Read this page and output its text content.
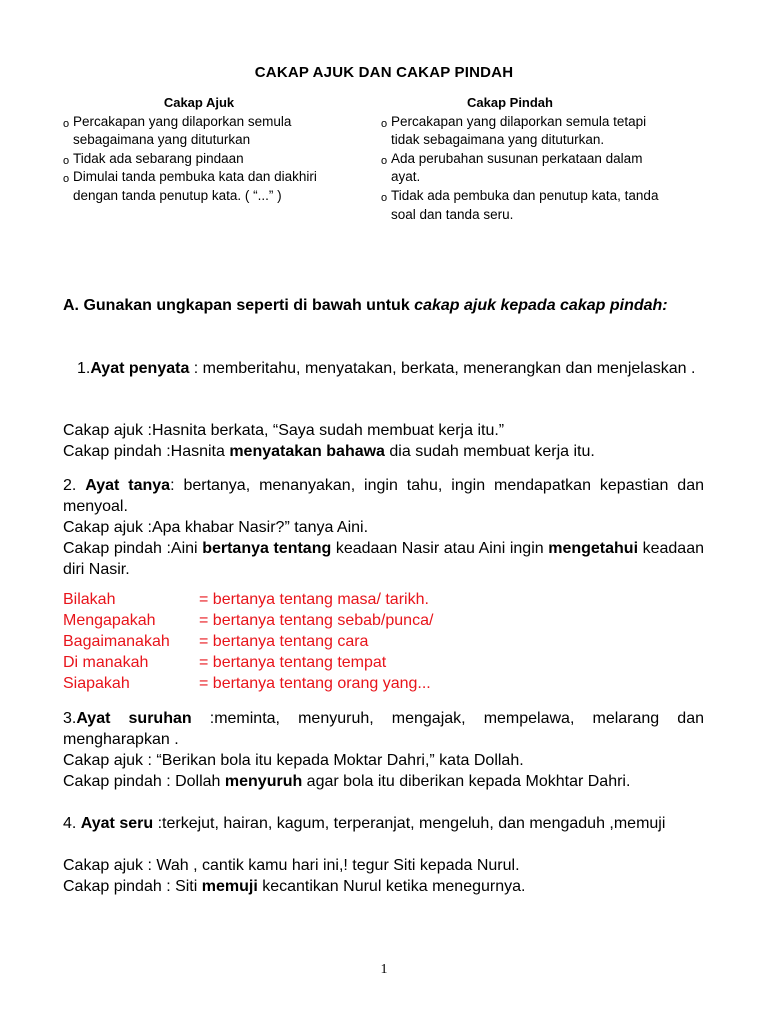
CAKAP AJUK DAN CAKAP PINDAH
Cakap Ajuk
o Percakapan yang dilaporkan semula sebagaimana yang dituturkan
o Tidak ada sebarang pindaan
o Dimulai tanda pembuka kata dan diakhiri dengan tanda penutup kata. ( “...” )
Cakap Pindah
o Percakapan yang dilaporkan semula tetapi tidak sebagaimana yang dituturkan.
o Ada perubahan susunan perkataan dalam ayat.
o Tidak ada pembuka dan penutup kata, tanda soal dan tanda seru.
A. Gunakan ungkapan seperti di bawah untuk cakap ajuk kepada cakap pindah:
1.Ayat penyata : memberitahu, menyatakan, berkata, menerangkan dan menjelaskan .
Cakap ajuk :Hasnita berkata, “Saya sudah membuat kerja itu.”
Cakap pindah :Hasnita menyatakan bahawa dia sudah membuat kerja itu.
2. Ayat tanya: bertanya, menanyakan, ingin tahu, ingin mendapatkan kepastian dan menyoal.
Cakap ajuk :Apa khabar Nasir?” tanya Aini.
Cakap pindah :Aini bertanya tentang keadaan Nasir atau Aini ingin mengetahui keadaan diri Nasir.
Bilakah	= bertanya tentang masa/ tarikh.
Mengapakah	= bertanya tentang sebab/punca/
Bagaimanakah	= bertanya tentang cara
Di manakah	= bertanya tentang tempat
Siapakah	= bertanya tentang orang yang...
3.Ayat suruhan :meminta, menyuruh, mengajak, mempelawa, melarang dan mengharapkan .
Cakap ajuk : “Berikan bola itu kepada Moktar Dahri,” kata Dollah.
Cakap pindah : Dollah menyuruh agar bola itu diberikan kepada Mokhtar Dahri.
4. Ayat seru :terkejut, hairan, kagum, terperanjat, mengeluh, dan mengaduh ,memuji
Cakap ajuk : Wah , cantik kamu hari ini,! tegur Siti kepada Nurul.
Cakap pindah : Siti memuji kecantikan Nurul ketika menegurnya.
1
